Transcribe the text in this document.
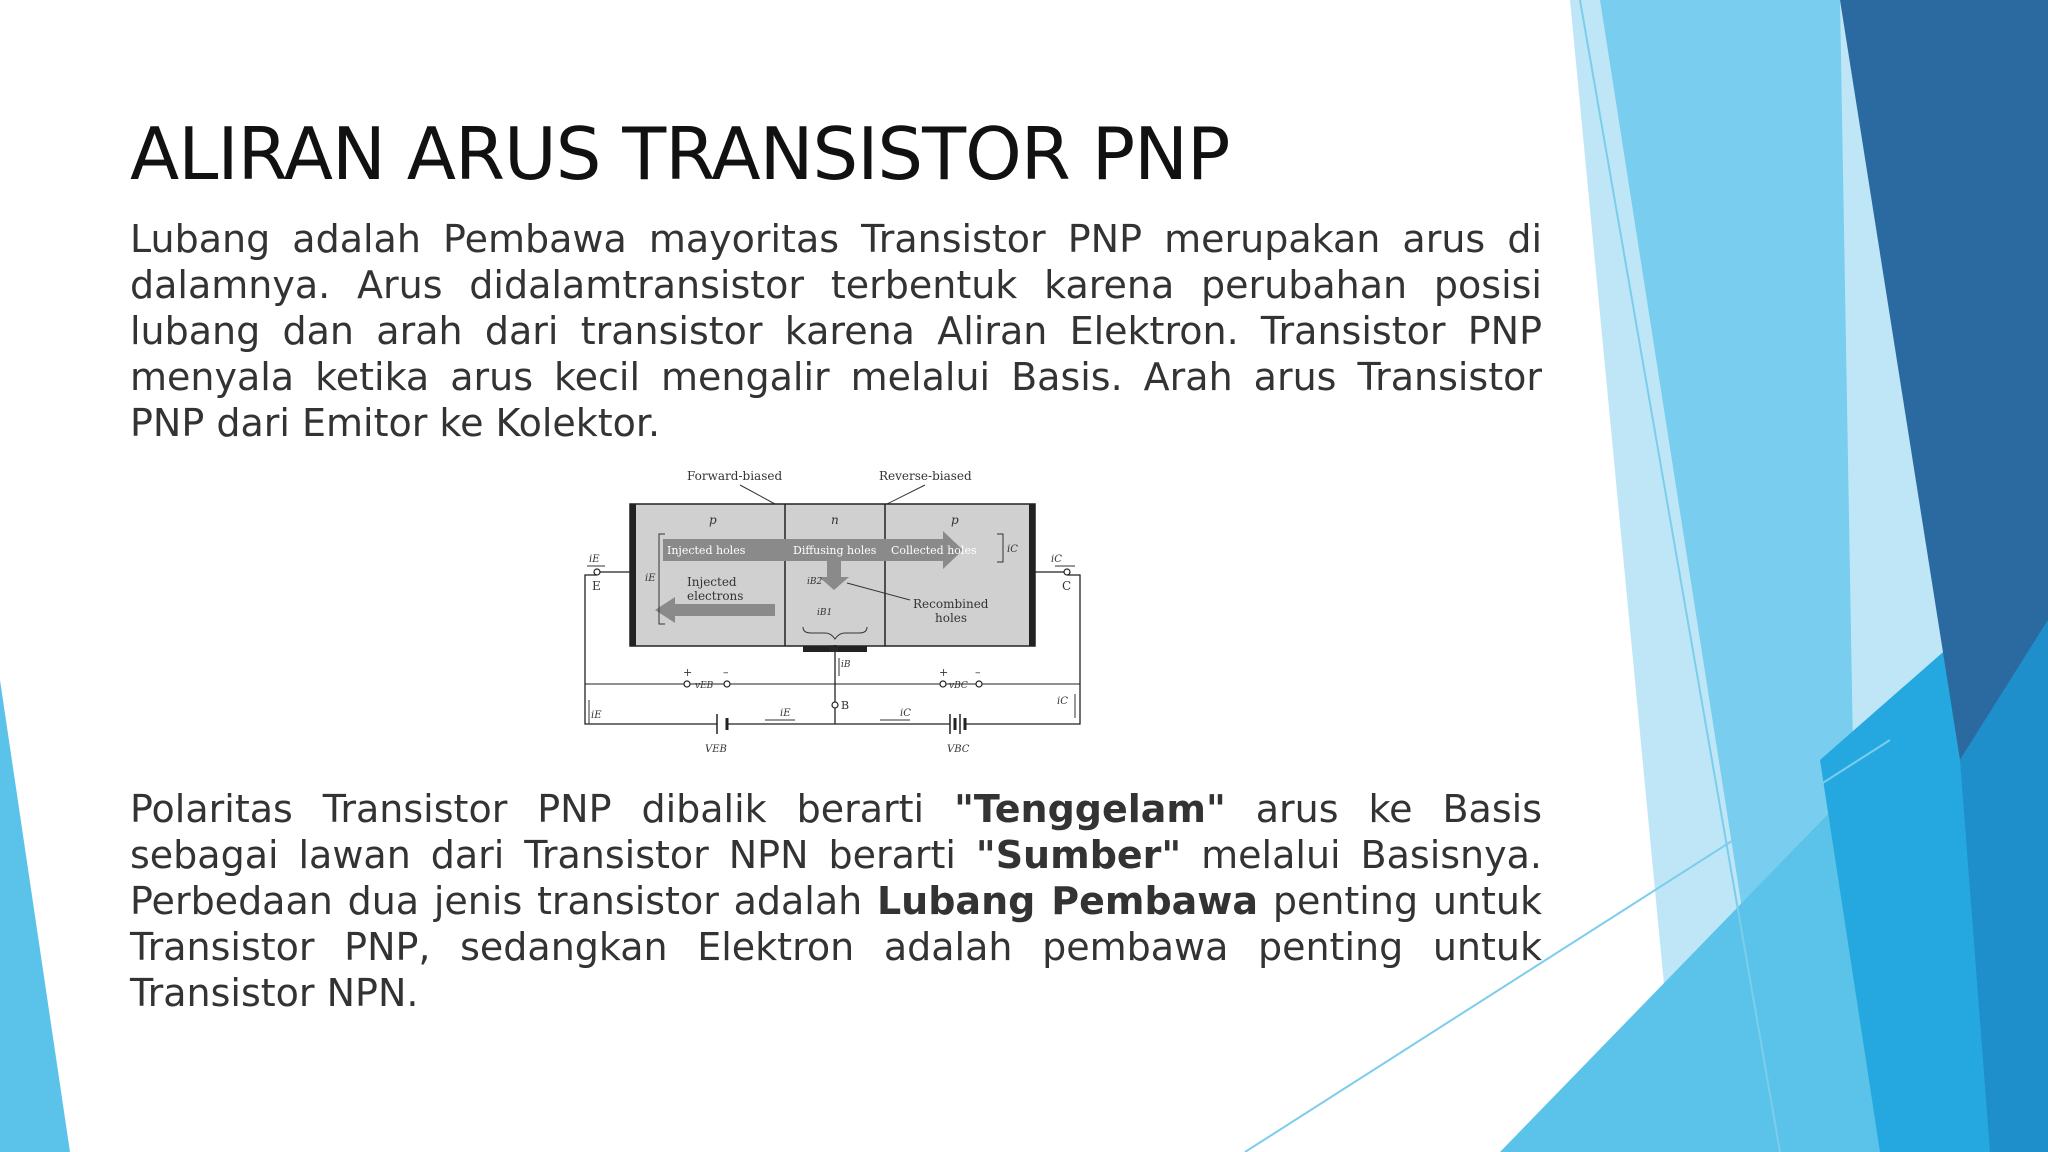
ALIRAN ARUS TRANSISTOR PNP

Lubang adalah Pembawa mayoritas Transistor PNP merupakan arus di dalamnya. Arus didalamtransistor terbentuk karena perubahan posisi lubang dan arah dari transistor karena Aliran Elektron. Transistor PNP menyala ketika arus kecil mengalir melalui Basis. Arah arus Transistor PNP dari Emitor ke Kolektor.

Forward-biased	Reverse-biased
p	n	p
Injected holes	Diffusing holes Collected holes
iB2
Injected
electrons
iB1
Recombined
holes
iB
iE
iC
E
iE
C
iC
B
iB
+	–
vEB
+ –
vBC
VEB	VBC
iE	iC
iE
iC

Polaritas Transistor PNP dibalik berarti "Tenggelam" arus ke Basis sebagai lawan dari Transistor NPN berarti "Sumber" melalui Basisnya. Perbedaan dua jenis transistor adalah Lubang Pembawa penting untuk Transistor PNP, sedangkan Elektron adalah pembawa penting untuk Transistor NPN.
